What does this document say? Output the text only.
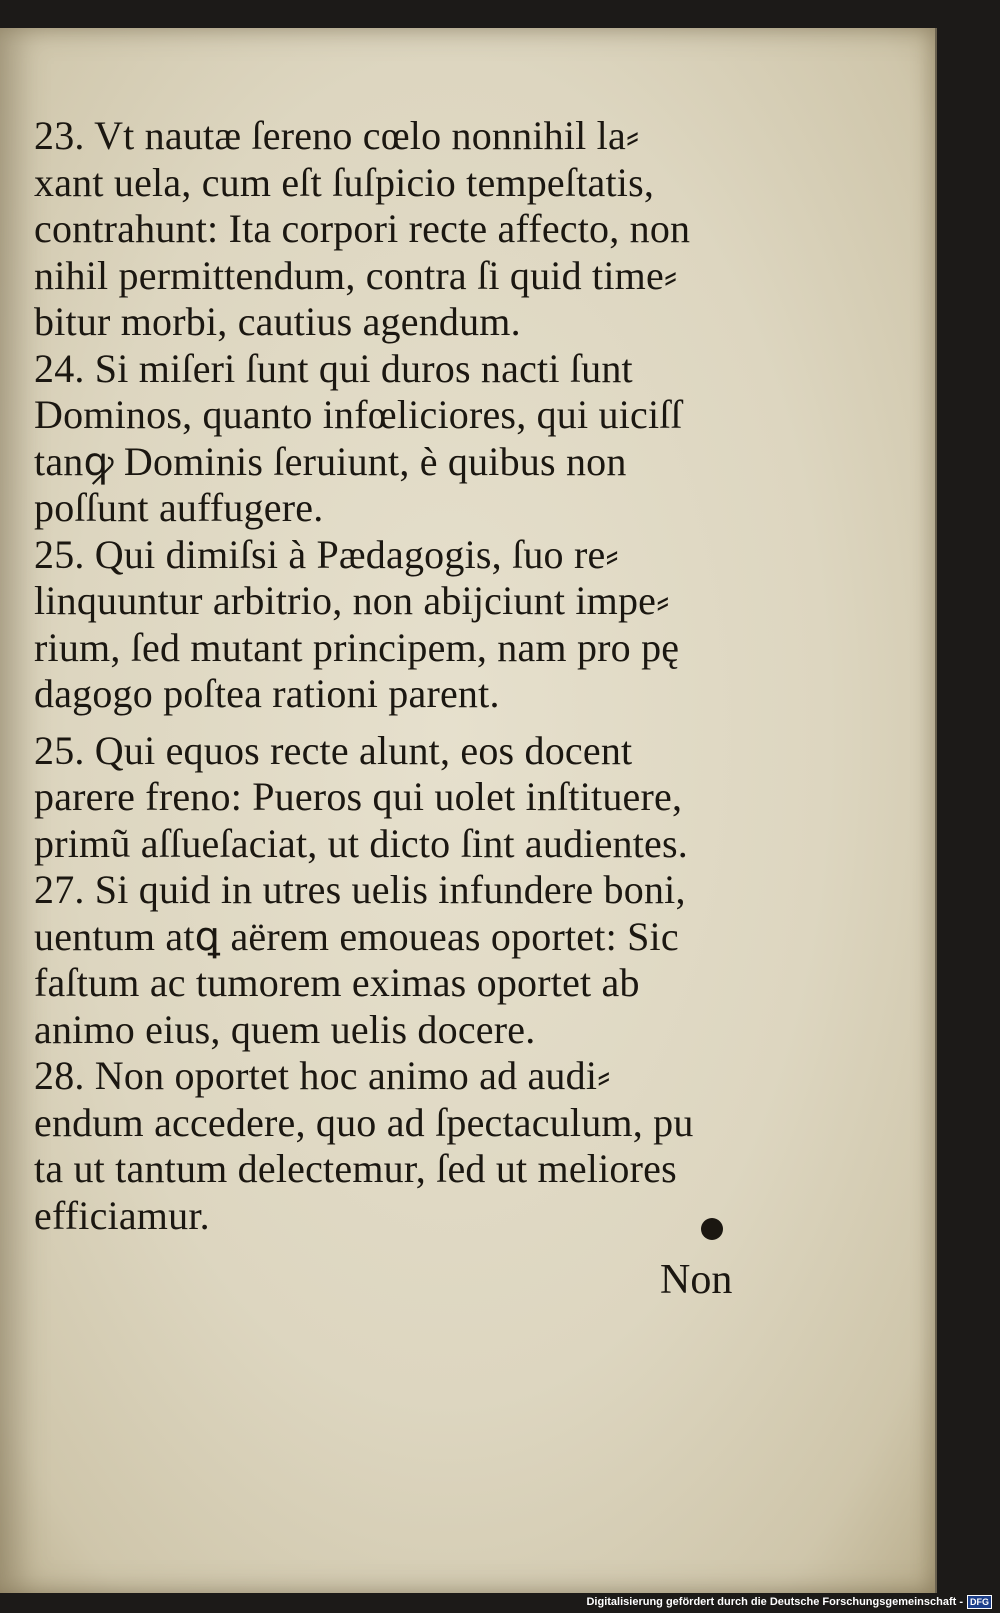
23. Vt nautæ ſereno cœlo nonnihil la⸗
xant uela, cum eſt ſuſpicio tempeſtatis,
contrahunt: Ita corpori recte affecto, non
nihil permittendum, contra ſi quid time⸗
bitur morbi, cautius agendum.
24. Si miſeri ſunt qui duros nacti ſunt
Dominos, quanto infœliciores, qui uiciſſ
tanꝙ Dominis ſeruiunt, è quibus non
poſſunt auffugere.
25. Qui dimiſsi à Pædagogis, ſuo re⸗
linquuntur arbitrio, non abijciunt impe⸗
rium, ſed mutant principem, nam pro pę
dagogo poſtea rationi parent.
25. Qui equos recte alunt, eos docent
parere freno: Pueros qui uolet inſtituere,
primũ aſſueſaciat, ut dicto ſint audientes.
27. Si quid in utres uelis infundere boni,
uentum atꝗ aërem emoueas oportet: Sic
faſtum ac tumorem eximas oportet ab
animo eius, quem uelis docere.
28. Non oportet hoc animo ad audi⸗
endum accedere, quo ad ſpectaculum, pu
ta ut tantum delectemur, ſed ut meliores
efficiamur.
Non
Digitalisierung gefördert durch die Deutsche Forschungsgemeinschaft - DFG
